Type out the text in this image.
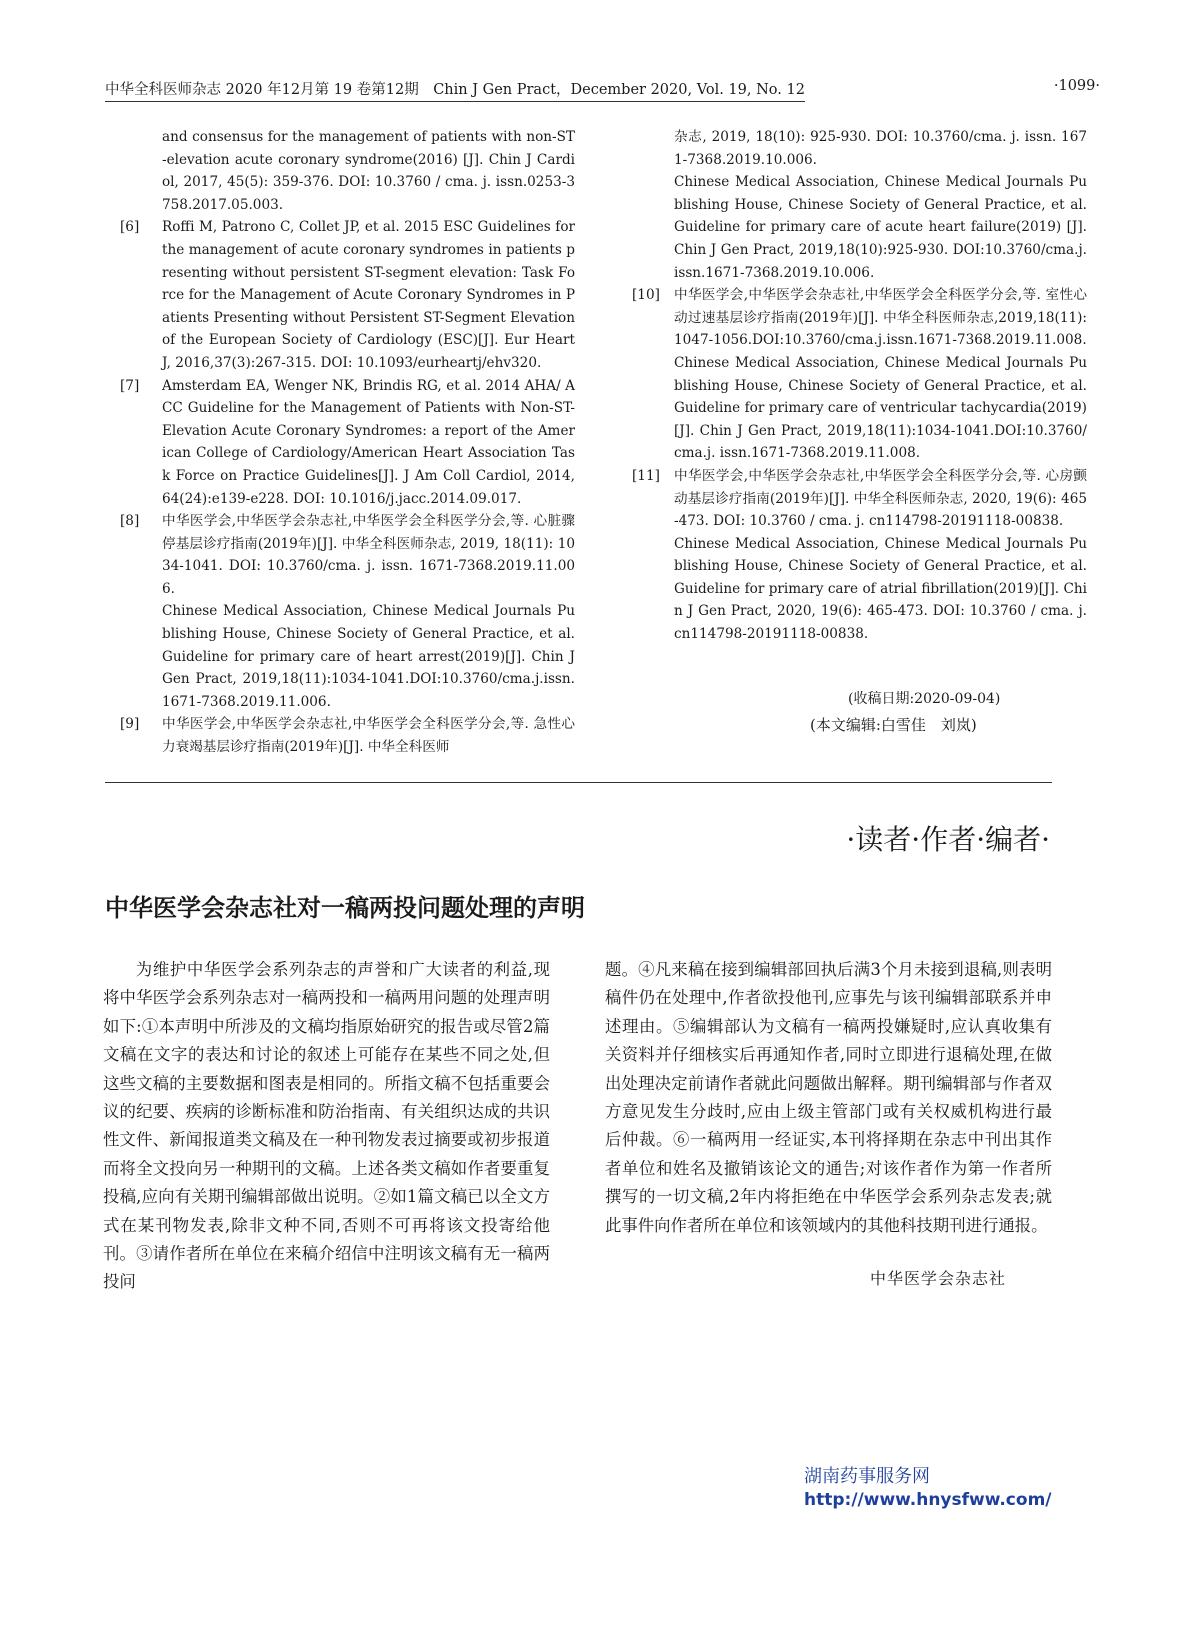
中华全科医师杂志 2020 年12月第 19 卷第12期　Chin J Gen Pract，December 2020, Vol. 19, No. 12	·1099·
and consensus for the management of patients with non-ST-elevation acute coronary syndrome(2016) [J]. Chin J Cardiol, 2017, 45(5): 359-376. DOI: 10.3760 / cma. j. issn.0253-3758.2017.05.003.
[6]	Roffi M, Patrono C, Collet JP, et al. 2015 ESC Guidelines for the management of acute coronary syndromes in patients presenting without persistent ST-segment elevation: Task Force for the Management of Acute Coronary Syndromes in Patients Presenting without Persistent ST-Segment Elevation of the European Society of Cardiology (ESC)[J]. Eur Heart J, 2016,37(3):267-315. DOI: 10.1093/eurheartj/ehv320.
[7]	Amsterdam EA, Wenger NK, Brindis RG, et al. 2014 AHA/ ACC Guideline for the Management of Patients with Non-ST-Elevation Acute Coronary Syndromes: a report of the American College of Cardiology/American Heart Association Task Force on Practice Guidelines[J]. J Am Coll Cardiol, 2014, 64(24):e139-e228. DOI: 10.1016/j.jacc.2014.09.017.
[8]	中华医学会,中华医学会杂志社,中华医学会全科医学分会,等. 心脏骤停基层诊疗指南(2019年)[J]. 中华全科医师杂志, 2019, 18(11): 1034-1041. DOI: 10.3760/cma. j. issn. 1671-7368.2019.11.006.

Chinese Medical Association, Chinese Medical Journals Publishing House, Chinese Society of General Practice, et al. Guideline for primary care of heart arrest(2019)[J]. Chin J Gen Pract, 2019,18(11):1034-1041.DOI:10.3760/cma.j.issn.1671-7368.2019.11.006.

[9]	中华医学会,中华医学会杂志社,中华医学会全科医学分会,等. 急性心力衰竭基层诊疗指南(2019年)[J]. 中华全科医师
杂志, 2019, 18(10): 925-930. DOI: 10.3760/cma. j. issn. 1671-7368.2019.10.006.
Chinese Medical Association, Chinese Medical Journals Publishing House, Chinese Society of General Practice, et al. Guideline for primary care of acute heart failure(2019) [J]. Chin J Gen Pract, 2019,18(10):925-930. DOI:10.3760/cma.j. issn.1671-7368.2019.10.006.
[10]	中华医学会,中华医学会杂志社,中华医学会全科医学分会,等. 室性心动过速基层诊疗指南(2019年)[J]. 中华全科医师杂志,2019,18(11):1047-1056.DOI:10.3760/cma.j.issn.1671-7368.2019.11.008.

Chinese Medical Association, Chinese Medical Journals Publishing House, Chinese Society of General Practice, et al. Guideline for primary care of ventricular tachycardia(2019)[J]. Chin J Gen Pract, 2019,18(11):1034-1041.DOI:10.3760/cma.j. issn.1671-7368.2019.11.008.

[11]	中华医学会,中华医学会杂志社,中华医学会全科医学分会,等. 心房颤动基层诊疗指南(2019年)[J]. 中华全科医师杂志, 2020, 19(6): 465-473. DOI: 10.3760 / cma. j. cn114798-20191118-00838.

Chinese Medical Association, Chinese Medical Journals Publishing House, Chinese Society of General Practice, et al. Guideline for primary care of atrial fibrillation(2019)[J]. Chin J Gen Pract, 2020, 19(6): 465-473. DOI: 10.3760 / cma. j. cn114798-20191118-00838.

(收稿日期:2020-09-04)
(本文编辑:白雪佳　刘岚)
·读者·作者·编者·
中华医学会杂志社对一稿两投问题处理的声明

为维护中华医学会系列杂志的声誉和广大读者的利益,现将中华医学会系列杂志对一稿两投和一稿两用问题的处理声明如下:①本声明中所涉及的文稿均指原始研究的报告或尽管2篇文稿在文字的表达和讨论的叙述上可能存在某些不同之处,但这些文稿的主要数据和图表是相同的。所指文稿不包括重要会议的纪要、疾病的诊断标准和防治指南、有关组织达成的共识性文件、新闻报道类文稿及在一种刊物发表过摘要或初步报道而将全文投向另一种期刊的文稿。上述各类文稿如作者要重复投稿,应向有关期刊编辑部做出说明。②如1篇文稿已以全文方式在某刊物发表,除非文种不同,否则不可再将该文投寄给他刊。③请作者所在单位在来稿介绍信中注明该文稿有无一稿两投问

题。④凡来稿在接到编辑部回执后满3个月未接到退稿,则表明稿件仍在处理中,作者欲投他刊,应事先与该刊编辑部联系并申述理由。⑤编辑部认为文稿有一稿两投嫌疑时,应认真收集有关资料并仔细核实后再通知作者,同时立即进行退稿处理,在做出处理决定前请作者就此问题做出解释。期刊编辑部与作者双方意见发生分歧时,应由上级主管部门或有关权威机构进行最后仲裁。⑥一稿两用一经证实,本刊将择期在杂志中刊出其作者单位和姓名及撤销该论文的通告;对该作者作为第一作者所撰写的一切文稿,2年内将拒绝在中华医学会系列杂志发表;就此事件向作者所在单位和该领域内的其他科技期刊进行通报。

中华医学会杂志社
湖南药事服务网
http://www.hnysfww.com/
